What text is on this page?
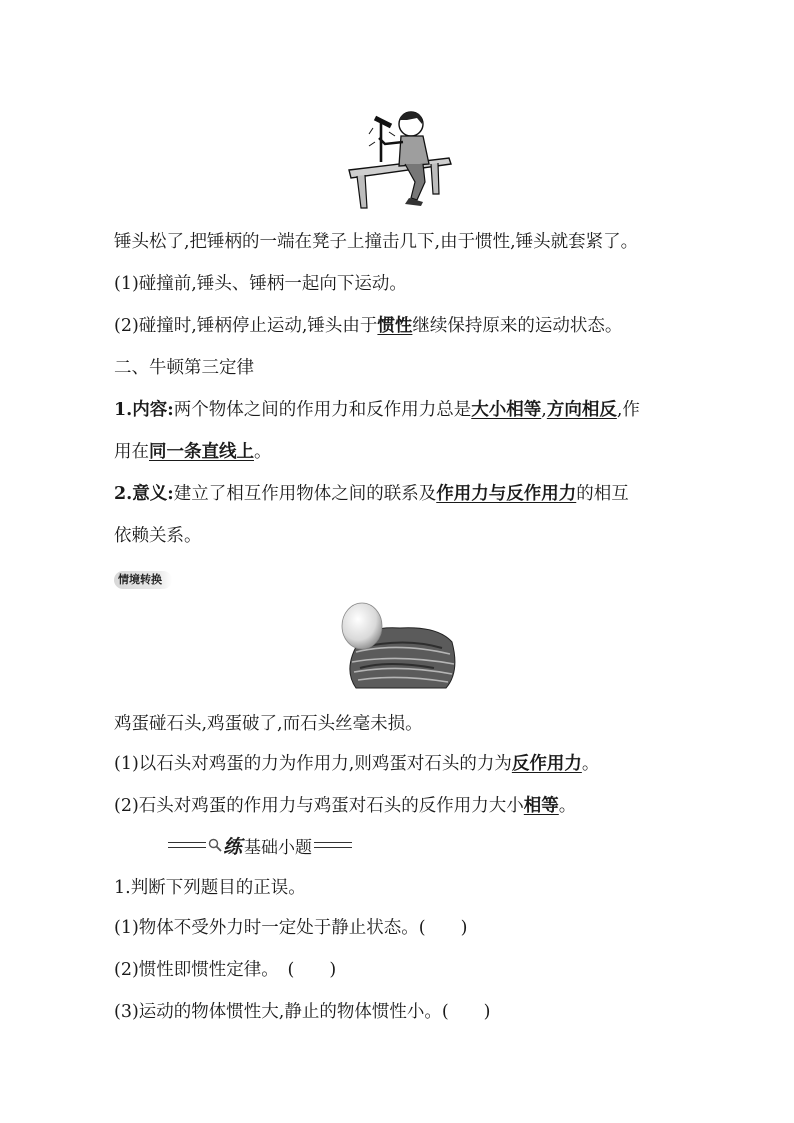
锤头松了,把锤柄的一端在凳子上撞击几下,由于惯性,锤头就套紧了。
(1)碰撞前,锤头、锤柄一起向下运动。
(2)碰撞时,锤柄停止运动,锤头由于惯性继续保持原来的运动状态。
二、牛顿第三定律
1.内容:两个物体之间的作用力和反作用力总是大小相等,方向相反,作
用在同一条直线上。
2.意义:建立了相互作用物体之间的联系及作用力与反作用力的相互
依赖关系。
情境转换
鸡蛋碰石头,鸡蛋破了,而石头丝毫未损。
(1)以石头对鸡蛋的力为作用力,则鸡蛋对石头的力为反作用力。
(2)石头对鸡蛋的作用力与鸡蛋对石头的反作用力大小相等。
练 基础小题
1.判断下列题目的正误。
(1)物体不受外力时一定处于静止状态。(　　)
(2)惯性即惯性定律。　(　　)
(3)运动的物体惯性大,静止的物体惯性小。(　　)
